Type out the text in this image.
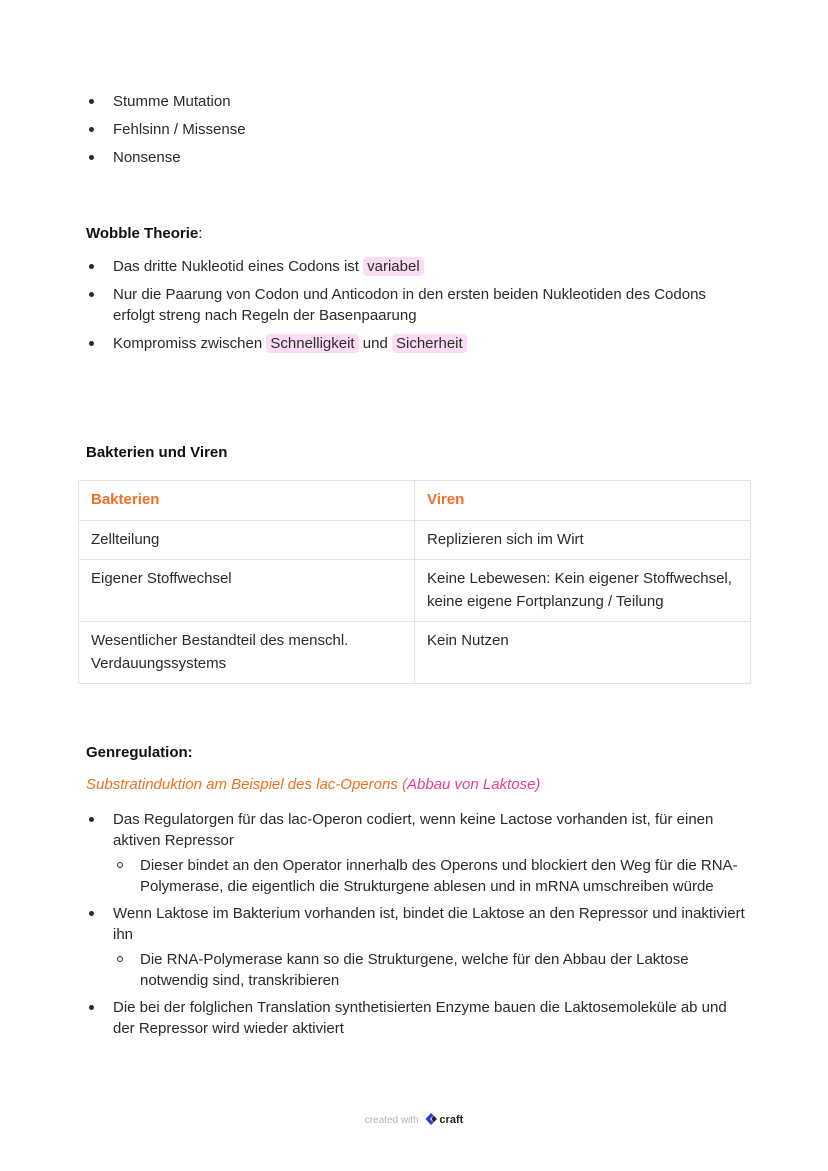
Stumme Mutation
Fehlsinn / Missense
Nonsense
Wobble Theorie:
Das dritte Nukleotid eines Codons ist variabel
Nur die Paarung von Codon und Anticodon in den ersten beiden Nukleotiden des Codons erfolgt streng nach Regeln der Basenpaarung
Kompromiss zwischen Schnelligkeit und Sicherheit
Bakterien und Viren
Bakterien	Viren
Zellteilung	Replizieren sich im Wirt
Eigener Stoffwechsel	Keine Lebewesen: Kein eigener Stoffwechsel, keine eigene Fortplanzung / Teilung
Wesentlicher Bestandteil des menschl. Verdauungssystems	Kein Nutzen
Genregulation:
Substratinduktion am Beispiel des lac-Operons (Abbau von Laktose)
Das Regulatorgen für das lac-Operon codiert, wenn keine Lactose vorhanden ist, für einen aktiven Repressor
Dieser bindet an den Operator innerhalb des Operons und blockiert den Weg für die RNA-Polymerase, die eigentlich die Strukturgene ablesen und in mRNA umschreiben würde
Wenn Laktose im Bakterium vorhanden ist, bindet die Laktose an den Repressor und inaktiviert ihn
Die RNA-Polymerase kann so die Strukturgene, welche für den Abbau der Laktose notwendig sind, transkribieren
Die bei der folglichen Translation synthetisierten Enzyme bauen die Laktosemoleküle ab und der Repressor wird wieder aktiviert
created with craft
